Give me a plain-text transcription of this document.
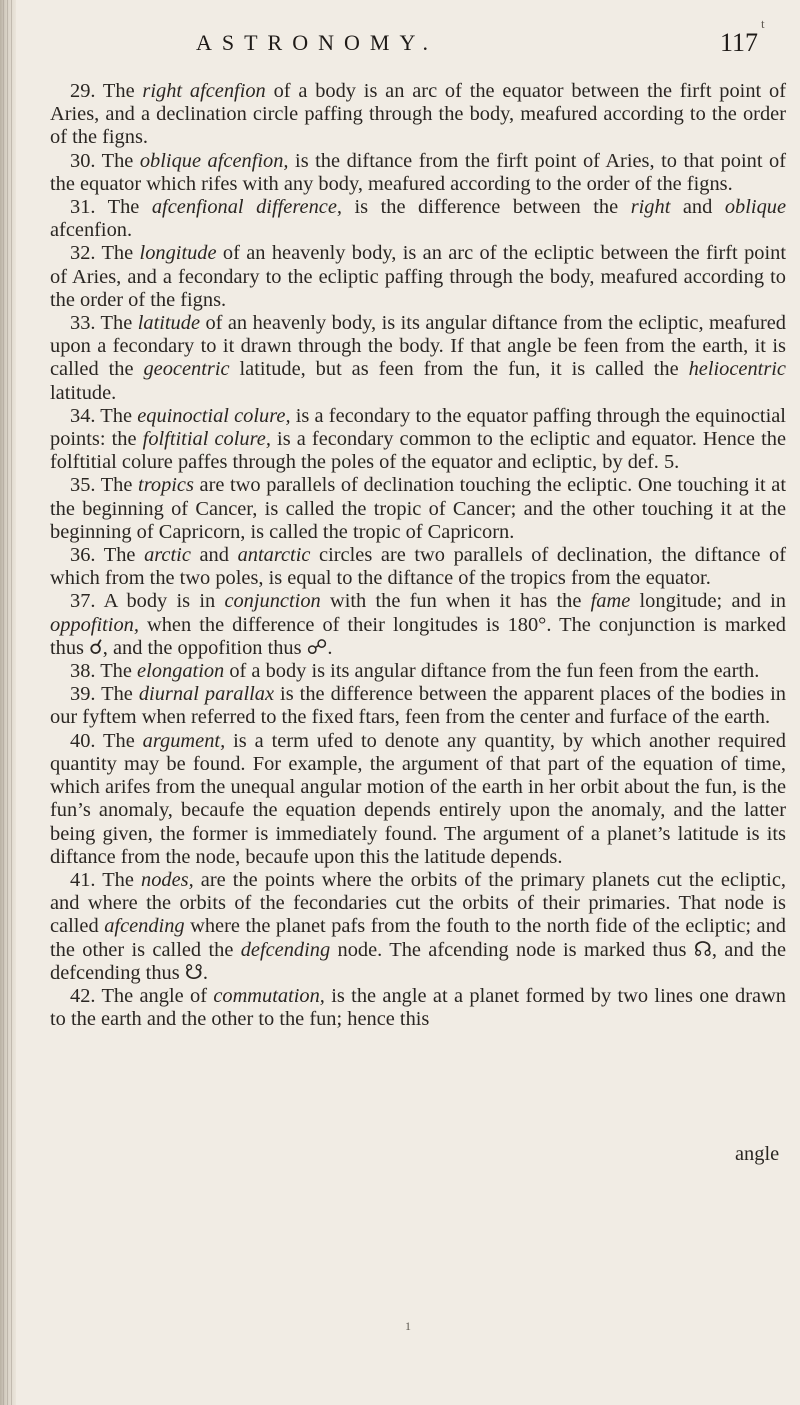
t
ASTRONOMY.	117

29. The right afcenfion of a body is an arc of the equator between the firft point of Aries, and a declination circle paffing through the body, meafured according to the order of the figns.

30. The oblique afcenfion, is the diftance from the firft point of Aries, to that point of the equator which rifes with any body, meafured according to the order of the figns.

31. The afcenfional difference, is the difference between the right and oblique afcenfion.

32. The longitude of an heavenly body, is an arc of the ecliptic between the firft point of Aries, and a fecondary to the ecliptic paffing through the body, meafured according to the order of the figns.

33. The latitude of an heavenly body, is its angular diftance from the ecliptic, meafured upon a fecondary to it drawn through the body. If that angle be feen from the earth, it is called the geocentric latitude, but as feen from the fun, it is called the heliocentric latitude.

34. The equinoctial colure, is a fecondary to the equator paffing through the equinoctial points: the folftitial colure, is a fecondary common to the ecliptic and equator. Hence the folftitial colure paffes through the poles of the equator and ecliptic, by def. 5.

35. The tropics are two parallels of declination touching the ecliptic. One touching it at the beginning of Cancer, is called the tropic of Cancer; and the other touching it at the beginning of Capricorn, is called the tropic of Capricorn.

36. The arctic and antarctic circles are two parallels of declination, the diftance of which from the two poles, is equal to the diftance of the tropics from the equator.

37. A body is in conjunction with the fun when it has the fame longitude; and in oppofition, when the difference of their longitudes is 180°. The conjunction is marked thus ☌, and the oppofition thus ☍.

38. The elongation of a body is its angular diftance from the fun feen from the earth.

39. The diurnal parallax is the difference between the apparent places of the bodies in our fyftem when referred to the fixed ftars, feen from the center and furface of the earth.

40. The argument, is a term ufed to denote any quantity, by which another required quantity may be found. For example, the argument of that part of the equation of time, which arifes from the unequal angular motion of the earth in her orbit about the fun, is the fun’s anomaly, becaufe the equation depends entirely upon the anomaly, and the latter being given, the former is immediately found. The argument of a planet’s latitude is its diftance from the node, becaufe upon this the latitude depends.

41. The nodes, are the points where the orbits of the primary planets cut the ecliptic, and where the orbits of the fecondaries cut the orbits of their primaries. That node is called afcending where the planet pafs from the fouth to the north fide of the ecliptic; and the other is called the defcending node. The afcending node is marked thus ☊, and the defcending thus ☋.

42. The angle of commutation, is the angle at a planet formed by two lines one drawn to the earth and the other to the fun; hence this

angle
1
